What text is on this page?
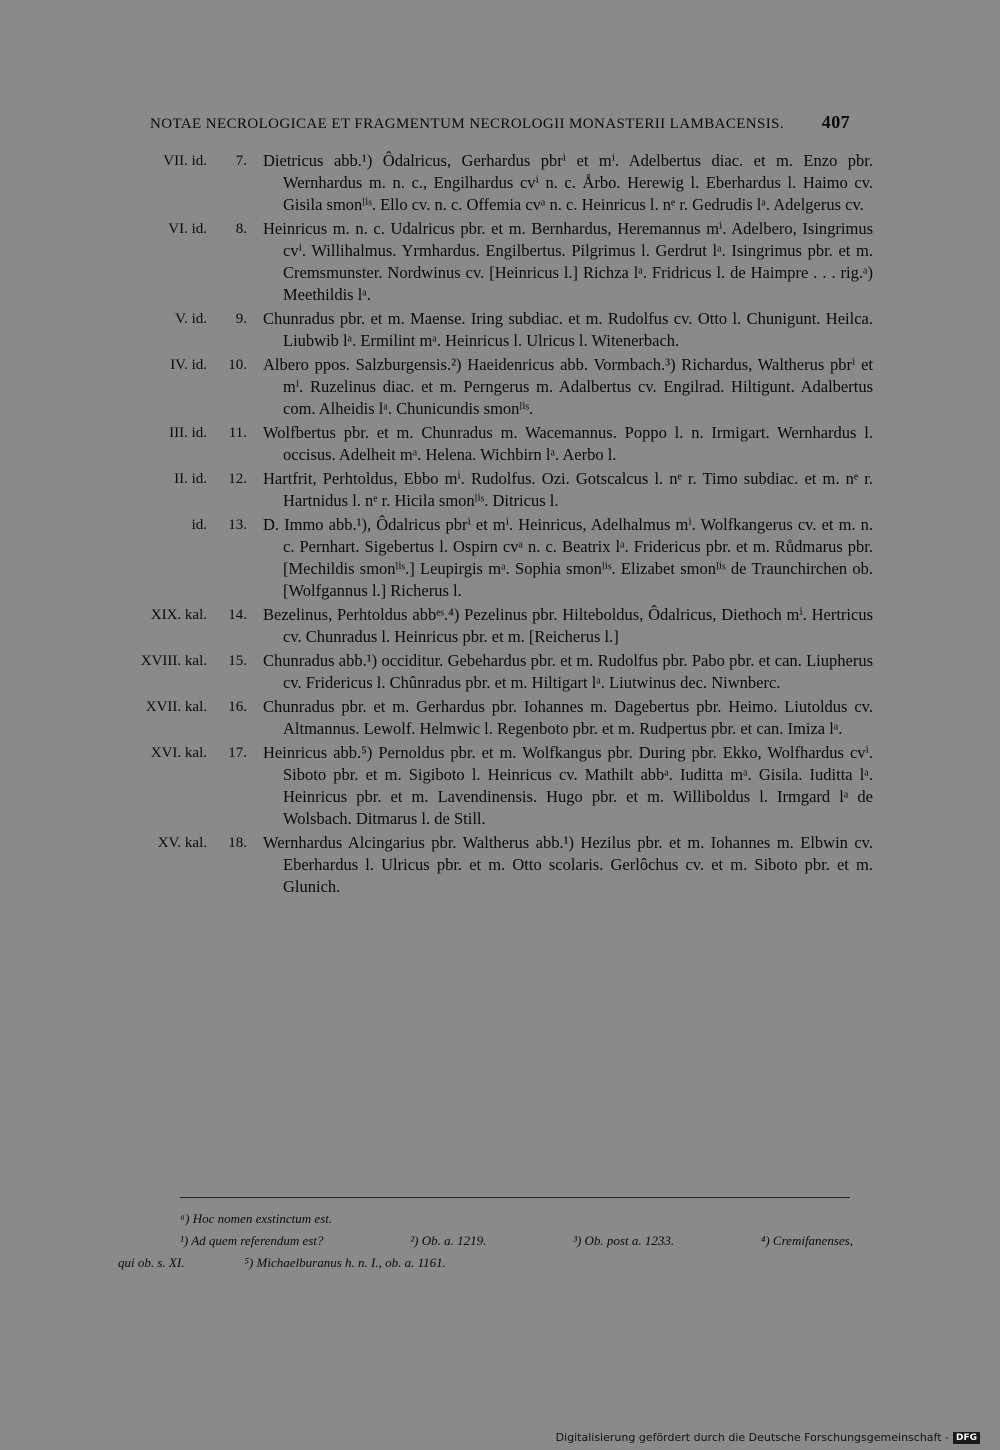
NOTAE NECROLOGICAE ET FRAGMENTUM NECROLOGII MONASTERII LAMBACENSIS. 407
VII. id.	7. Dietricus abb.¹) Ôdalricus, Gerhardus pbrⁱ et mⁱ. Adelbertus diac. et m. Enzo pbr. Wernhardus m. n. c., Engilhardus cvⁱ n. c. Årbo. Herewig l. Eberhardus l. Haimo cv. Gisila smonˡⁱˢ. Ello cv. n. c. Offemia cvᵃ n. c. Heinricus l. nᵉ r. Gedrudis lᵃ. Adelgerus cv.
VI. id.	8. Heinricus m. n. c. Udalricus pbr. et m. Bernhardus, Heremannus mⁱ. Adelbero, Isingrimus cvⁱ. Willihalmus. Yrmhardus. Engilbertus. Pilgrimus l. Gerdrut lᵃ. Isingrimus pbr. et m. Cremsmunster. Nordwinus cv. [Heinricus l.] Richza lᵃ. Fridricus l. de Haimpre . . . rig.ᵃ) Meethildis lᵃ.
V. id.	9. Chunradus pbr. et m. Maense. Iring subdiac. et m. Rudolfus cv. Otto l. Chunigunt. Heilca. Liubwib lᵃ. Ermilint mᵃ. Heinricus l. Ulricus l. Witenerbach.
IV. id.	10. Albero ppos. Salzburgensis.²) Haeidenricus abb. Vormbach.³) Richardus, Waltherus pbrⁱ et mⁱ. Ruzelinus diac. et m. Perngerus m. Adalbertus cv. Engilrad. Hiltigunt. Adalbertus com. Alheidis lᵃ. Chunicundis smonˡⁱˢ.
III. id.	11. Wolfbertus pbr. et m. Chunradus m. Wacemannus. Poppo l. n. Irmigart. Wernhardus l. occisus. Adelheit mᵃ. Helena. Wichbirn lᵃ. Aerbo l.
II. id.	12. Hartfrit, Perhtoldus, Ebbo mⁱ. Rudolfus. Ozi. Gotscalcus l. nᵉ r. Timo subdiac. et m. nᵉ r. Hartnidus l. nᵉ r. Hicila smonˡⁱˢ. Ditricus l.
id.	13. D. Immo abb.¹), Ôdalricus pbrⁱ et mⁱ. Heinricus, Adelhalmus mⁱ. Wolfkangerus cv. et m. n. c. Pernhart. Sigebertus l. Ospirn cvᵃ n. c. Beatrix lᵃ. Fridericus pbr. et m. Růdmarus pbr. [Mechildis smonˡⁱˢ.] Leupirgis mᵃ. Sophia smonˡⁱˢ. Elizabet smonˡⁱˢ de Traunchirchen ob. [Wolfgannus l.] Richerus l.
XIX. kal.	14. Bezelinus, Perhtoldus abbᵉˢ.⁴) Pezelinus pbr. Hilteboldus, Ôdalricus, Diethoch mⁱ. Hertricus cv. Chunradus l. Heinricus pbr. et m. [Reicherus l.]
XVIII. kal.	15. Chunradus abb.¹) occiditur. Gebehardus pbr. et m. Rudolfus pbr. Pabo pbr. et can. Liupherus cv. Fridericus l. Chûnradus pbr. et m. Hiltigart lᵃ. Liutwinus dec. Niwnberc.
XVII. kal.	16. Chunradus pbr. et m. Gerhardus pbr. Iohannes m. Dagebertus pbr. Heimo. Liutoldus cv. Altmannus. Lewolf. Helmwic l. Regenboto pbr. et m. Rudpertus pbr. et can. Imiza lᵃ.
XVI. kal.	17. Heinricus abb.⁵) Pernoldus pbr. et m. Wolfkangus pbr. During pbr. Ekko, Wolfhardus cvⁱ. Siboto pbr. et m. Sigiboto l. Heinricus cv. Mathilt abbᵃ. Iuditta mᵃ. Gisila. Iuditta lᵃ. Heinricus pbr. et m. Lavendinensis. Hugo pbr. et m. Williboldus l. Irmgard lᵃ de Wolsbach. Ditmarus l. de Still.
XV. kal.	18. Wernhardus Alcingarius pbr. Waltherus abb.¹) Hezilus pbr. et m. Iohannes m. Elbwin cv. Eberhardus l. Ulricus pbr. et m. Otto scolaris. Gerlôchus cv. et m. Siboto pbr. et m. Glunich.
ᵃ) Hoc nomen exstinctum est.
¹) Ad quem referendum est?	²) Ob. a. 1219.	³) Ob. post a. 1233.	⁴) Cremifanenses,
qui ob. s. XI.	⁵) Michaelburanus h. n. I., ob. a. 1161.
Digitalisierung gefördert durch die Deutsche Forschungsgemeinschaft - DFG
